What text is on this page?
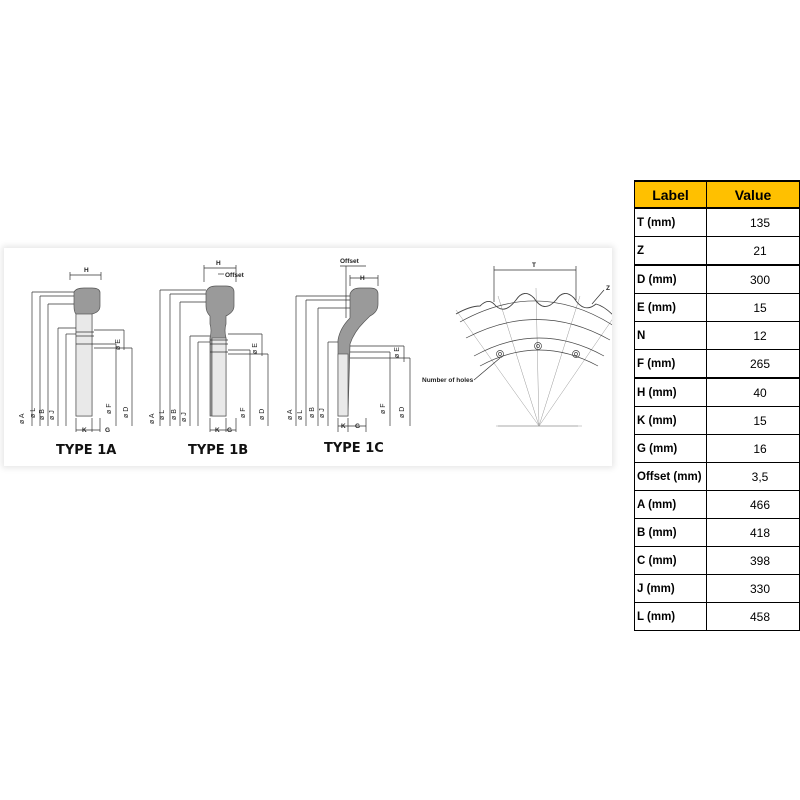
H
ø A
ø L ø B ø J
ø E
ø F ø D
K	G
TYPE 1A
H
Offset
ø A ø L ø B ø J
ø E
ø F ø D
K G
TYPE 1B
Offset
H
ø A ø L ø B ø J
ø E
ø F ø D
K G
TYPE 1C
T
Z
Number of holes
Label	Value
T (mm)	135
Z	21
D (mm)	300
E (mm)	15
N	12
F (mm)	265
H (mm)	40
K (mm)	15
G (mm)	16
Offset (mm)	3,5
A (mm)	466
B (mm)	418
C (mm)	398
J (mm)	330
L (mm)	458
